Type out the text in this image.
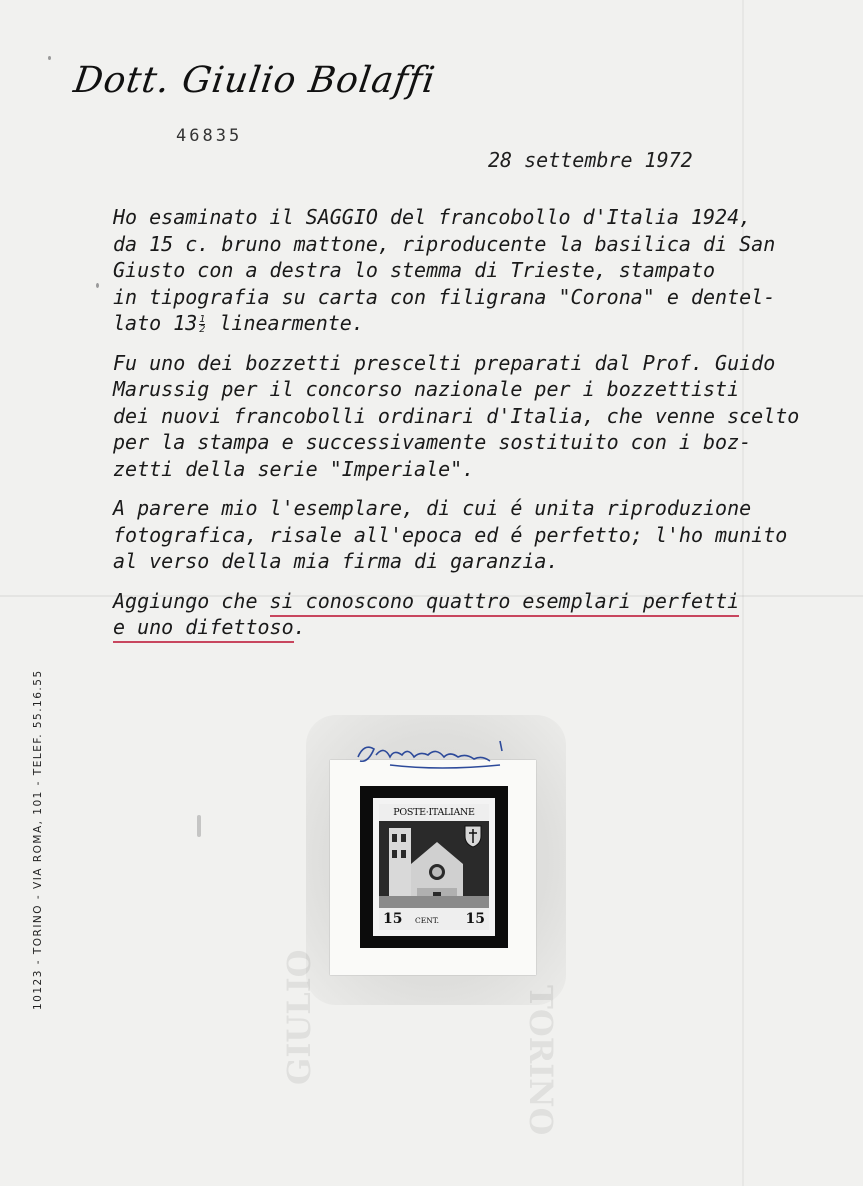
Dott. Giulio Bolaffi
46835
28 settembre 1972
10123 - TORINO - VIA ROMA, 101 - TELEF. 55.16.55
Ho esaminato il SAGGIO del francobollo d'Italia 1924,
da 15 c. bruno mattone, riproducente la basilica di San
Giusto con a destra lo stemma di Trieste, stampato
in tipografia su carta con filigrana "Corona" e dentel-
lato $13 \frac{1}{2}$ linearmente.
Fu uno dei bozzetti prescelti preparati dal Prof. Guido
Marussig per il concorso nazionale per i bozzettisti
dei nuovi francobolli ordinari d'Italia, che venne scelto
per la stampa e successivamente sostituito con i boz-
zetti della serie "Imperiale".
A parere mio l'esemplare, di cui é unita riproduzione
fotografica, risale all'epoca ed é perfetto; l'ho munito
al verso della mia firma di garanzia.
Aggiungo che si conoscono quattro esemplari perfetti
e uno difettoso.
POSTE·ITALIANE
15 CENT. 15
GIULIO	TORINO
